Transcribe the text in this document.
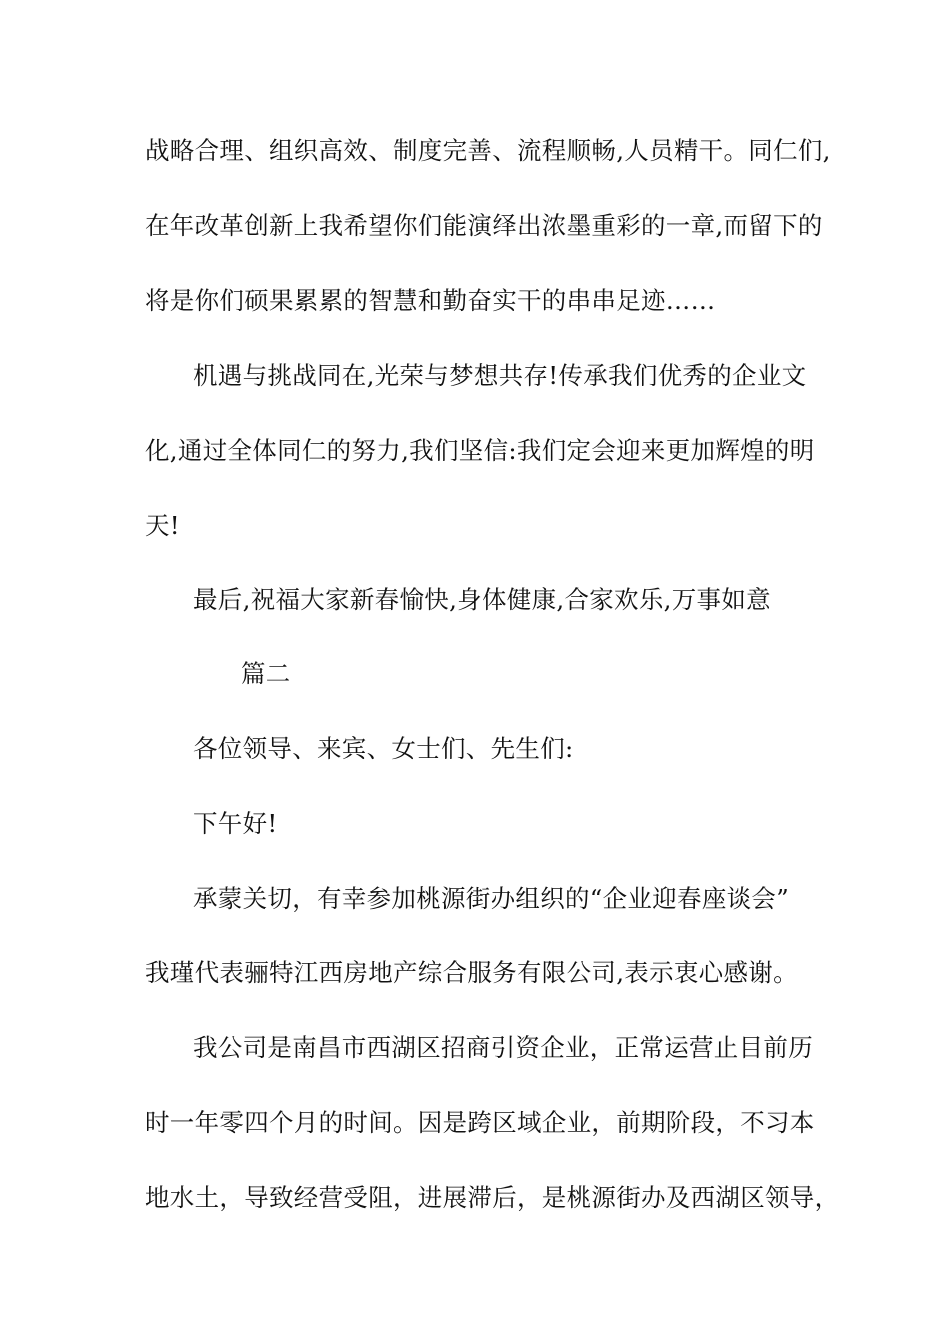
战略合理、组织高效、制度完善、流程顺畅,人员精干。同仁们,
在年改革创新上我希望你们能演绎出浓墨重彩的一章,而留下的
将是你们硕果累累的智慧和勤奋实干的串串足迹……
机遇与挑战同在,光荣与梦想共存!传承我们优秀的企业文
化,通过全体同仁的努力,我们坚信:我们定会迎来更加辉煌的明
天!
最后,祝福大家新春愉快,身体健康,合家欢乐,万事如意
篇二
各位领导、来宾、女士们、先生们:
下午好!
承蒙关切，有幸参加桃源街办组织的“企业迎春座谈会”
我瑾代表骊特江西房地产综合服务有限公司,表示衷心感谢。
我公司是南昌市西湖区招商引资企业，正常运营止目前历
时一年零四个月的时间。因是跨区域企业，前期阶段，不习本
地水土，导致经营受阻，进展滞后，是桃源街办及西湖区领导，
